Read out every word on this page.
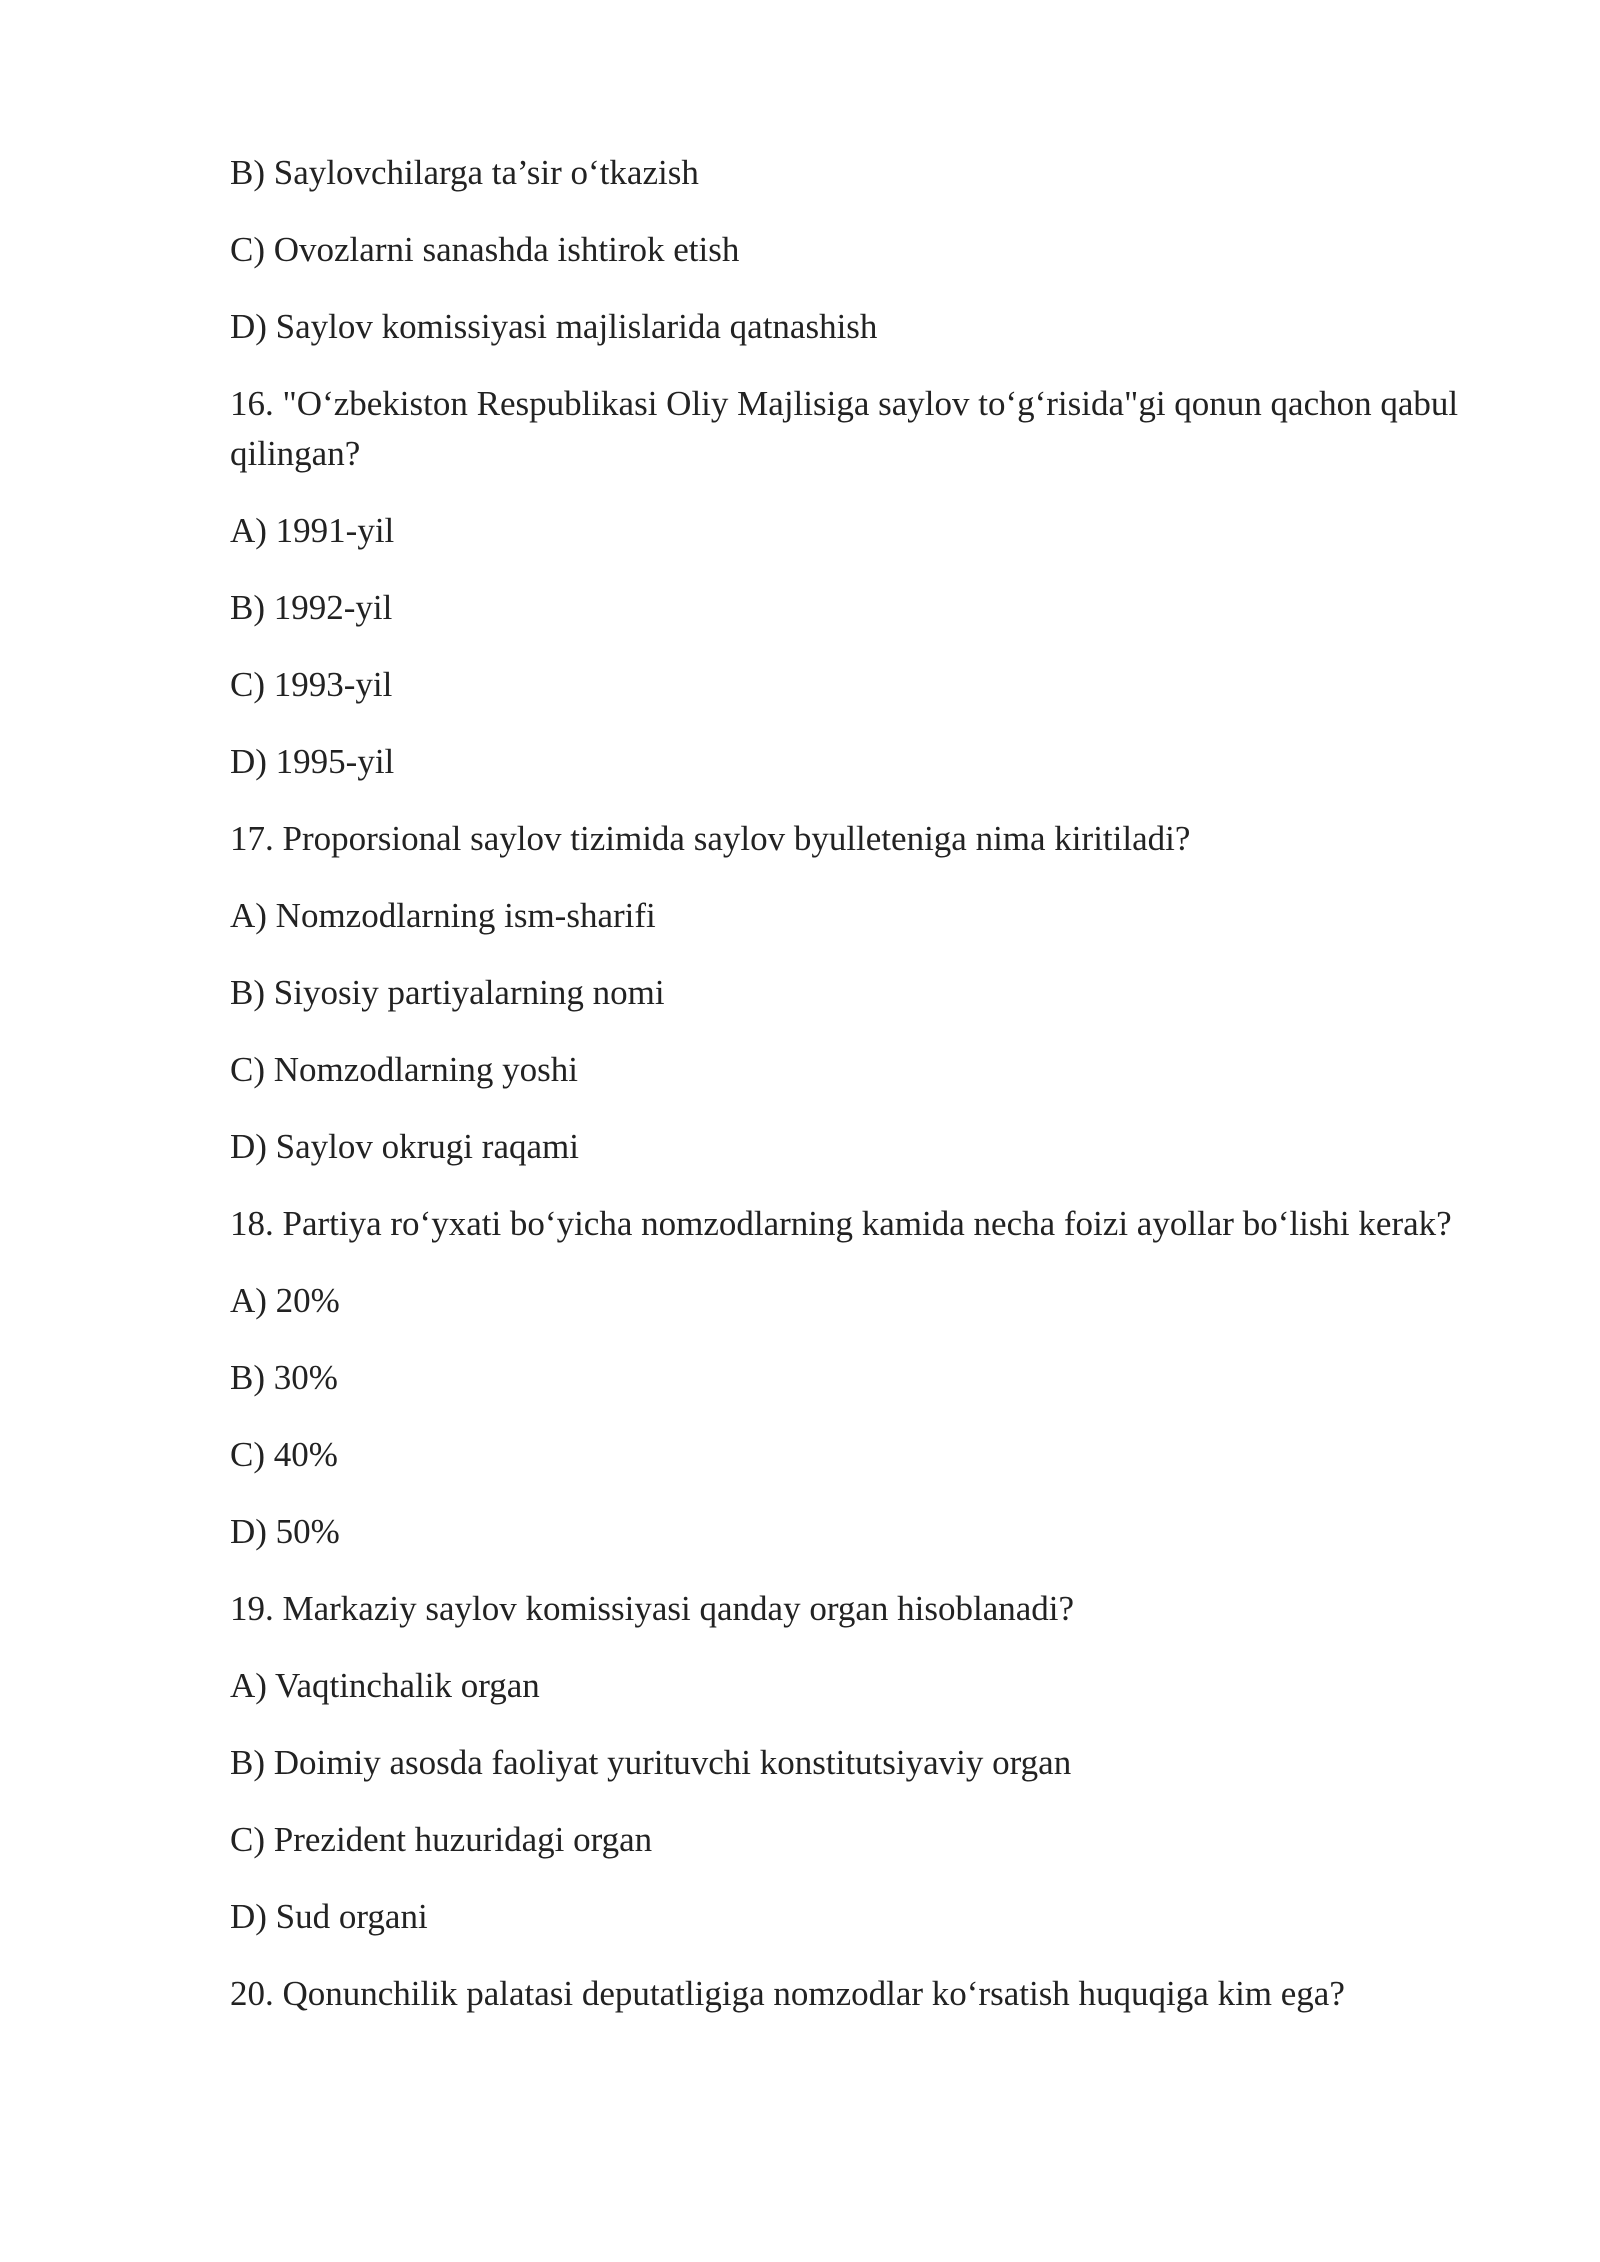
B) Saylovchilarga ta’sir o‘tkazish
C) Ovozlarni sanashda ishtirok etish
D) Saylov komissiyasi majlislarida qatnashish
16. "O‘zbekiston Respublikasi Oliy Majlisiga saylov to‘g‘risida"gi qonun qachon qabul qilingan?
A) 1991-yil
B) 1992-yil
C) 1993-yil
D) 1995-yil
17. Proporsional saylov tizimida saylov byulleteniga nima kiritiladi?
A) Nomzodlarning ism-sharifi
B) Siyosiy partiyalarning nomi
C) Nomzodlarning yoshi
D) Saylov okrugi raqami
18. Partiya ro‘yxati bo‘yicha nomzodlarning kamida necha foizi ayollar bo‘lishi kerak?
A) 20%
B) 30%
C) 40%
D) 50%
19. Markaziy saylov komissiyasi qanday organ hisoblanadi?
A) Vaqtinchalik organ
B) Doimiy asosda faoliyat yurituvchi konstitutsiyaviy organ
C) Prezident huzuridagi organ
D) Sud organi
20. Qonunchilik palatasi deputatligiga nomzodlar ko‘rsatish huquqiga kim ega?
